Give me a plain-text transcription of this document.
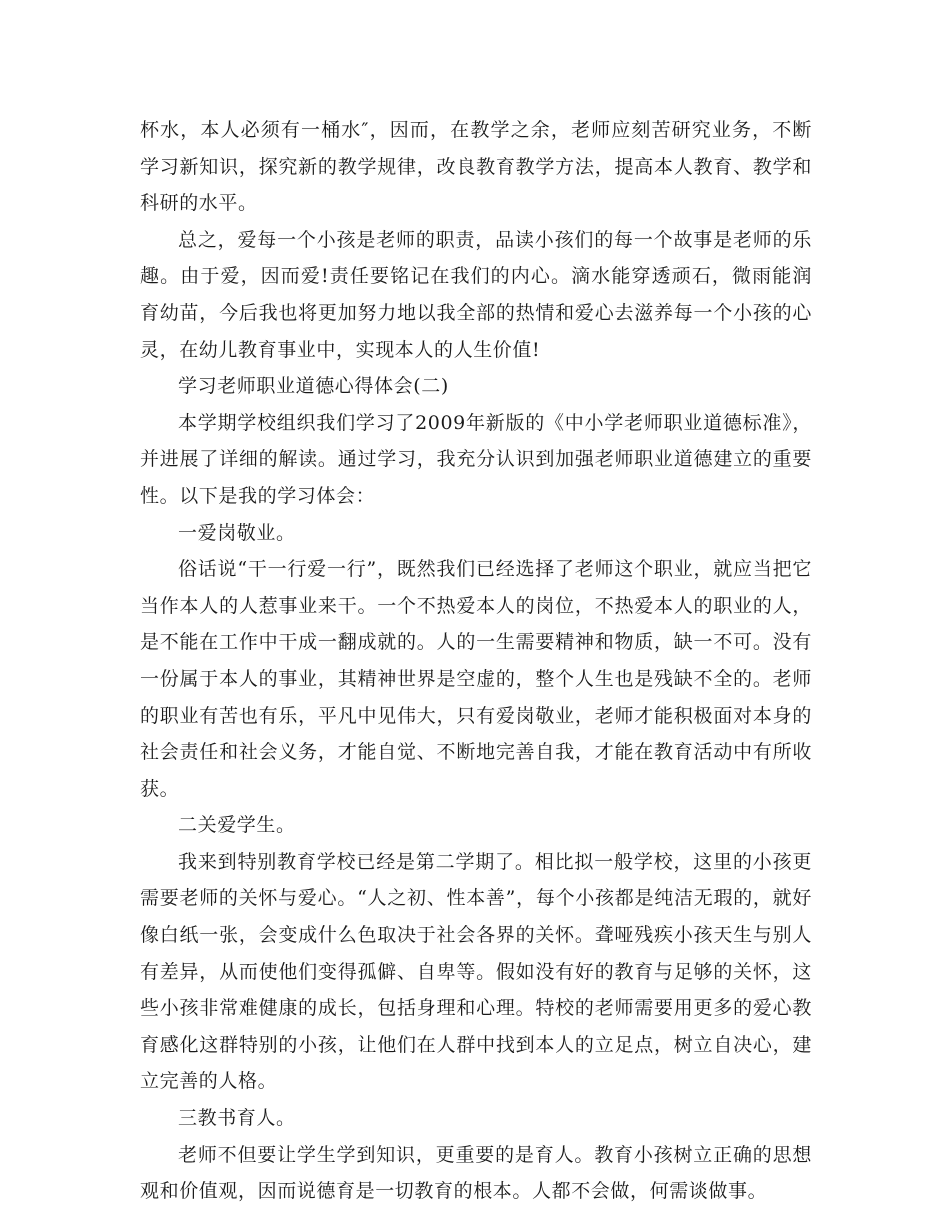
杯水，本人必须有一桶水″，因而，在教学之余，老师应刻苦研究业务，不断学习新知识，探究新的教学规律，改良教育教学方法，提高本人教育、教学和科研的水平。

总之，爱每一个小孩是老师的职责，品读小孩们的每一个故事是老师的乐趣。由于爱，因而爱!责任要铭记在我们的内心。滴水能穿透顽石，微雨能润育幼苗，今后我也将更加努力地以我全部的热情和爱心去滋养每一个小孩的心灵，在幼儿教育事业中，实现本人的人生价值!

学习老师职业道德心得体会(二)

本学期学校组织我们学习了2009年新版的《中小学老师职业道德标准》，并进展了详细的解读。通过学习，我充分认识到加强老师职业道德建立的重要性。以下是我的学习体会：

一爱岗敬业。

俗话说“干一行爱一行”，既然我们已经选择了老师这个职业，就应当把它当作本人的人惹事业来干。一个不热爱本人的岗位，不热爱本人的职业的人，是不能在工作中干成一翻成就的。人的一生需要精神和物质，缺一不可。没有一份属于本人的事业，其精神世界是空虚的，整个人生也是残缺不全的。老师的职业有苦也有乐，平凡中见伟大，只有爱岗敬业，老师才能积极面对本身的社会责任和社会义务，才能自觉、不断地完善自我，才能在教育活动中有所收获。

二关爱学生。

我来到特别教育学校已经是第二学期了。相比拟一般学校，这里的小孩更需要老师的关怀与爱心。“人之初、性本善”，每个小孩都是纯洁无瑕的，就好像白纸一张，会变成什么色取决于社会各界的关怀。聋哑残疾小孩天生与别人有差异，从而使他们变得孤僻、自卑等。假如没有好的教育与足够的关怀，这些小孩非常难健康的成长，包括身理和心理。特校的老师需要用更多的爱心教育感化这群特别的小孩，让他们在人群中找到本人的立足点，树立自决心，建立完善的人格。

三教书育人。

老师不但要让学生学到知识，更重要的是育人。教育小孩树立正确的思想观和价值观，因而说德育是一切教育的根本。人都不会做，何需谈做事。
